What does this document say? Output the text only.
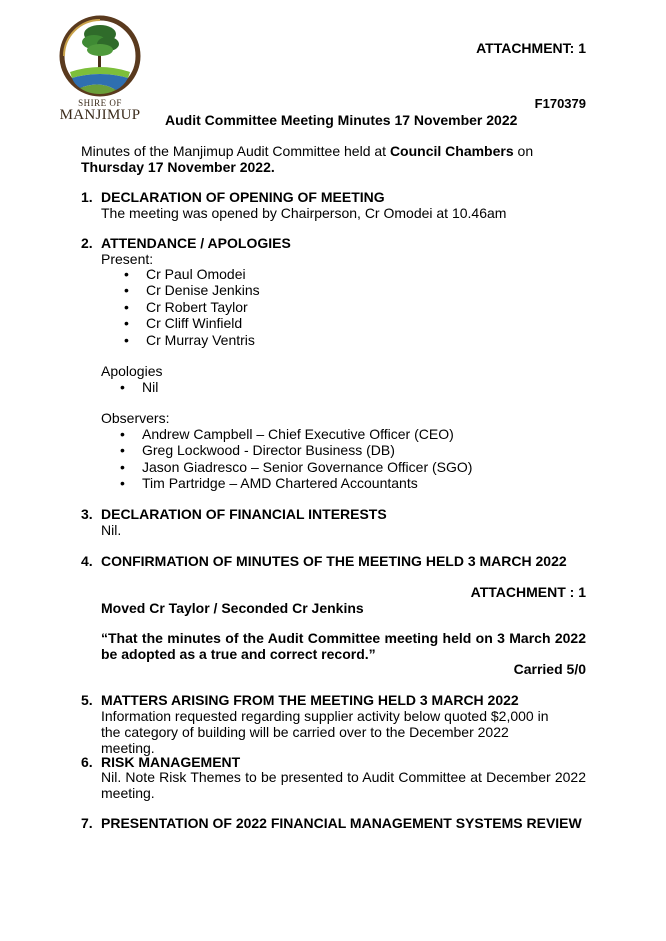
SHIRE OF
MANJIMUP
ATTACHMENT: 1
F170379
Audit Committee Meeting Minutes 17 November 2022
Minutes of the Manjimup Audit Committee held at Council Chambers on Thursday 17 November 2022.
1. DECLARATION OF OPENING OF MEETING
The meeting was opened by Chairperson, Cr Omodei at 10.46am
2. ATTENDANCE / APOLOGIES
Present:
• Cr Paul Omodei
• Cr Denise Jenkins
• Cr Robert Taylor
• Cr Cliff Winfield
• Cr Murray Ventris
Apologies
• Nil
Observers:
• Andrew Campbell – Chief Executive Officer (CEO)
• Greg Lockwood - Director Business (DB)
• Jason Giadresco – Senior Governance Officer (SGO)
• Tim Partridge – AMD Chartered Accountants
3. DECLARATION OF FINANCIAL INTERESTS
Nil.
4. CONFIRMATION OF MINUTES OF THE MEETING HELD 3 MARCH 2022
ATTACHMENT : 1
Moved Cr Taylor / Seconded Cr Jenkins
“That the minutes of the Audit Committee meeting held on 3 March 2022 be adopted as a true and correct record.”
Carried 5/0
5. MATTERS ARISING FROM THE MEETING HELD 3 MARCH 2022
Information requested regarding supplier activity below quoted $2,000 in the category of building will be carried over to the December 2022 meeting.
6. RISK MANAGEMENT
Nil. Note Risk Themes to be presented to Audit Committee at December 2022 meeting.
7. PRESENTATION OF 2022 FINANCIAL MANAGEMENT SYSTEMS REVIEW
